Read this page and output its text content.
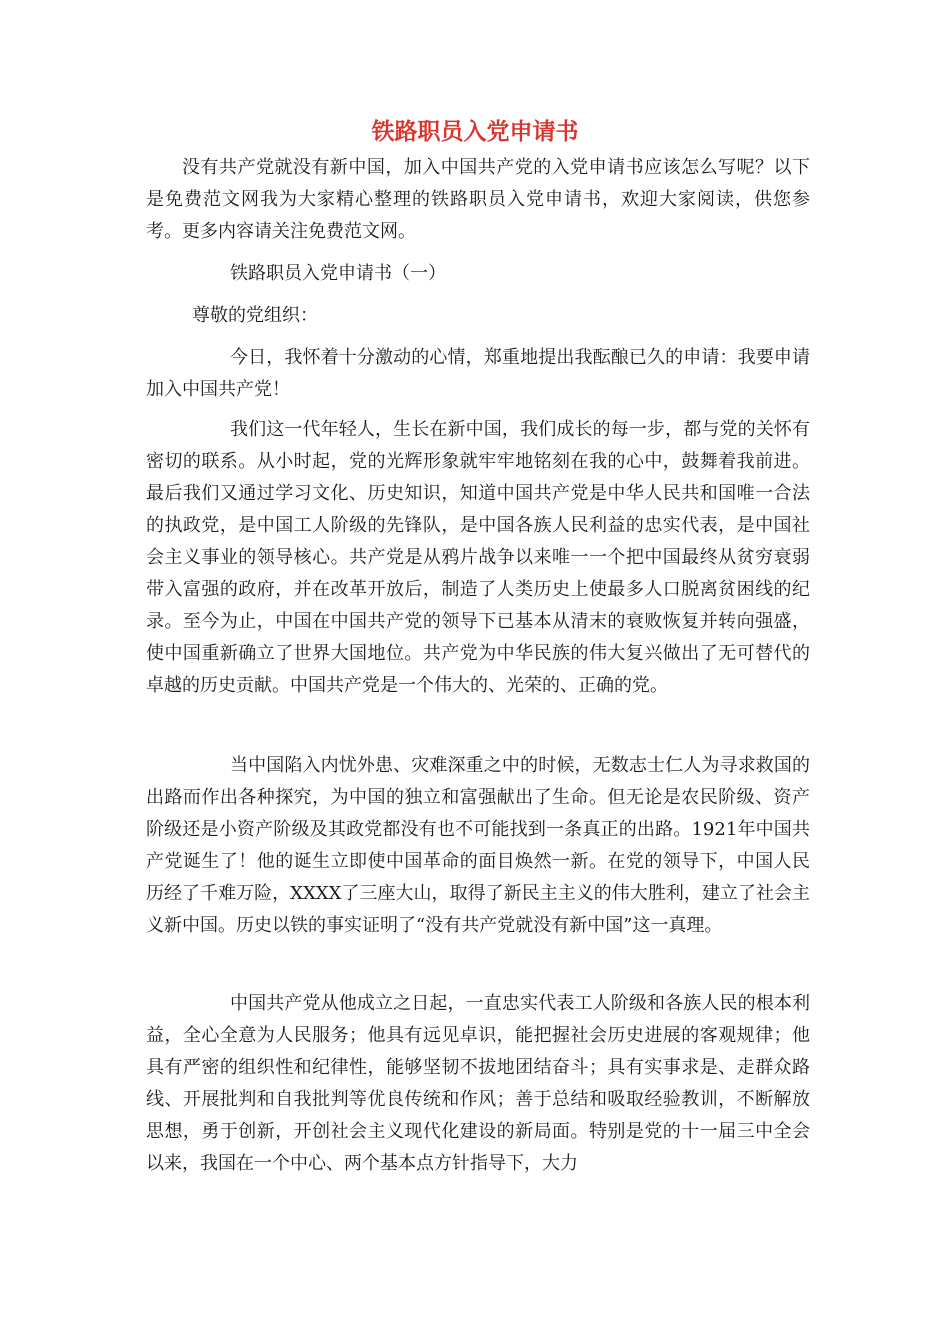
铁路职员入党申请书

没有共产党就没有新中国，加入中国共产党的入党申请书应该怎么写呢？以下是免费范文网我为大家精心整理的铁路职员入党申请书，欢迎大家阅读，供您参考。更多内容请关注免费范文网。

铁路职员入党申请书（一）

尊敬的党组织：

今日，我怀着十分激动的心情，郑重地提出我酝酿已久的申请：我要申请加入中国共产党！

我们这一代年轻人，生长在新中国，我们成长的每一步，都与党的关怀有密切的联系。从小时起，党的光辉形象就牢牢地铭刻在我的心中，鼓舞着我前进。最后我们又通过学习文化、历史知识，知道中国共产党是中华人民共和国唯一合法的执政党，是中国工人阶级的先锋队，是中国各族人民利益的忠实代表，是中国社会主义事业的领导核心。共产党是从鸦片战争以来唯一一个把中国最终从贫穷衰弱带入富强的政府，并在改革开放后，制造了人类历史上使最多人口脱离贫困线的纪录。至今为止，中国在中国共产党的领导下已基本从清末的衰败恢复并转向强盛，使中国重新确立了世界大国地位。共产党为中华民族的伟大复兴做出了无可替代的卓越的历史贡献。中国共产党是一个伟大的、光荣的、正确的党。

当中国陷入内忧外患、灾难深重之中的时候，无数志士仁人为寻求救国的出路而作出各种探究，为中国的独立和富强献出了生命。但无论是农民阶级、资产阶级还是小资产阶级及其政党都没有也不可能找到一条真正的出路。1921年中国共产党诞生了！他的诞生立即使中国革命的面目焕然一新。在党的领导下，中国人民历经了千难万险，XXXX了三座大山，取得了新民主主义的伟大胜利，建立了社会主义新中国。历史以铁的事实证明了“没有共产党就没有新中国”这一真理。

中国共产党从他成立之日起，一直忠实代表工人阶级和各族人民的根本利益，全心全意为人民服务；他具有远见卓识，能把握社会历史进展的客观规律；他具有严密的组织性和纪律性，能够坚韧不拔地团结奋斗；具有实事求是、走群众路线、开展批判和自我批判等优良传统和作风；善于总结和吸取经验教训，不断解放思想，勇于创新，开创社会主义现代化建设的新局面。特别是党的十一届三中全会以来，我国在一个中心、两个基本点方针指导下，大力
